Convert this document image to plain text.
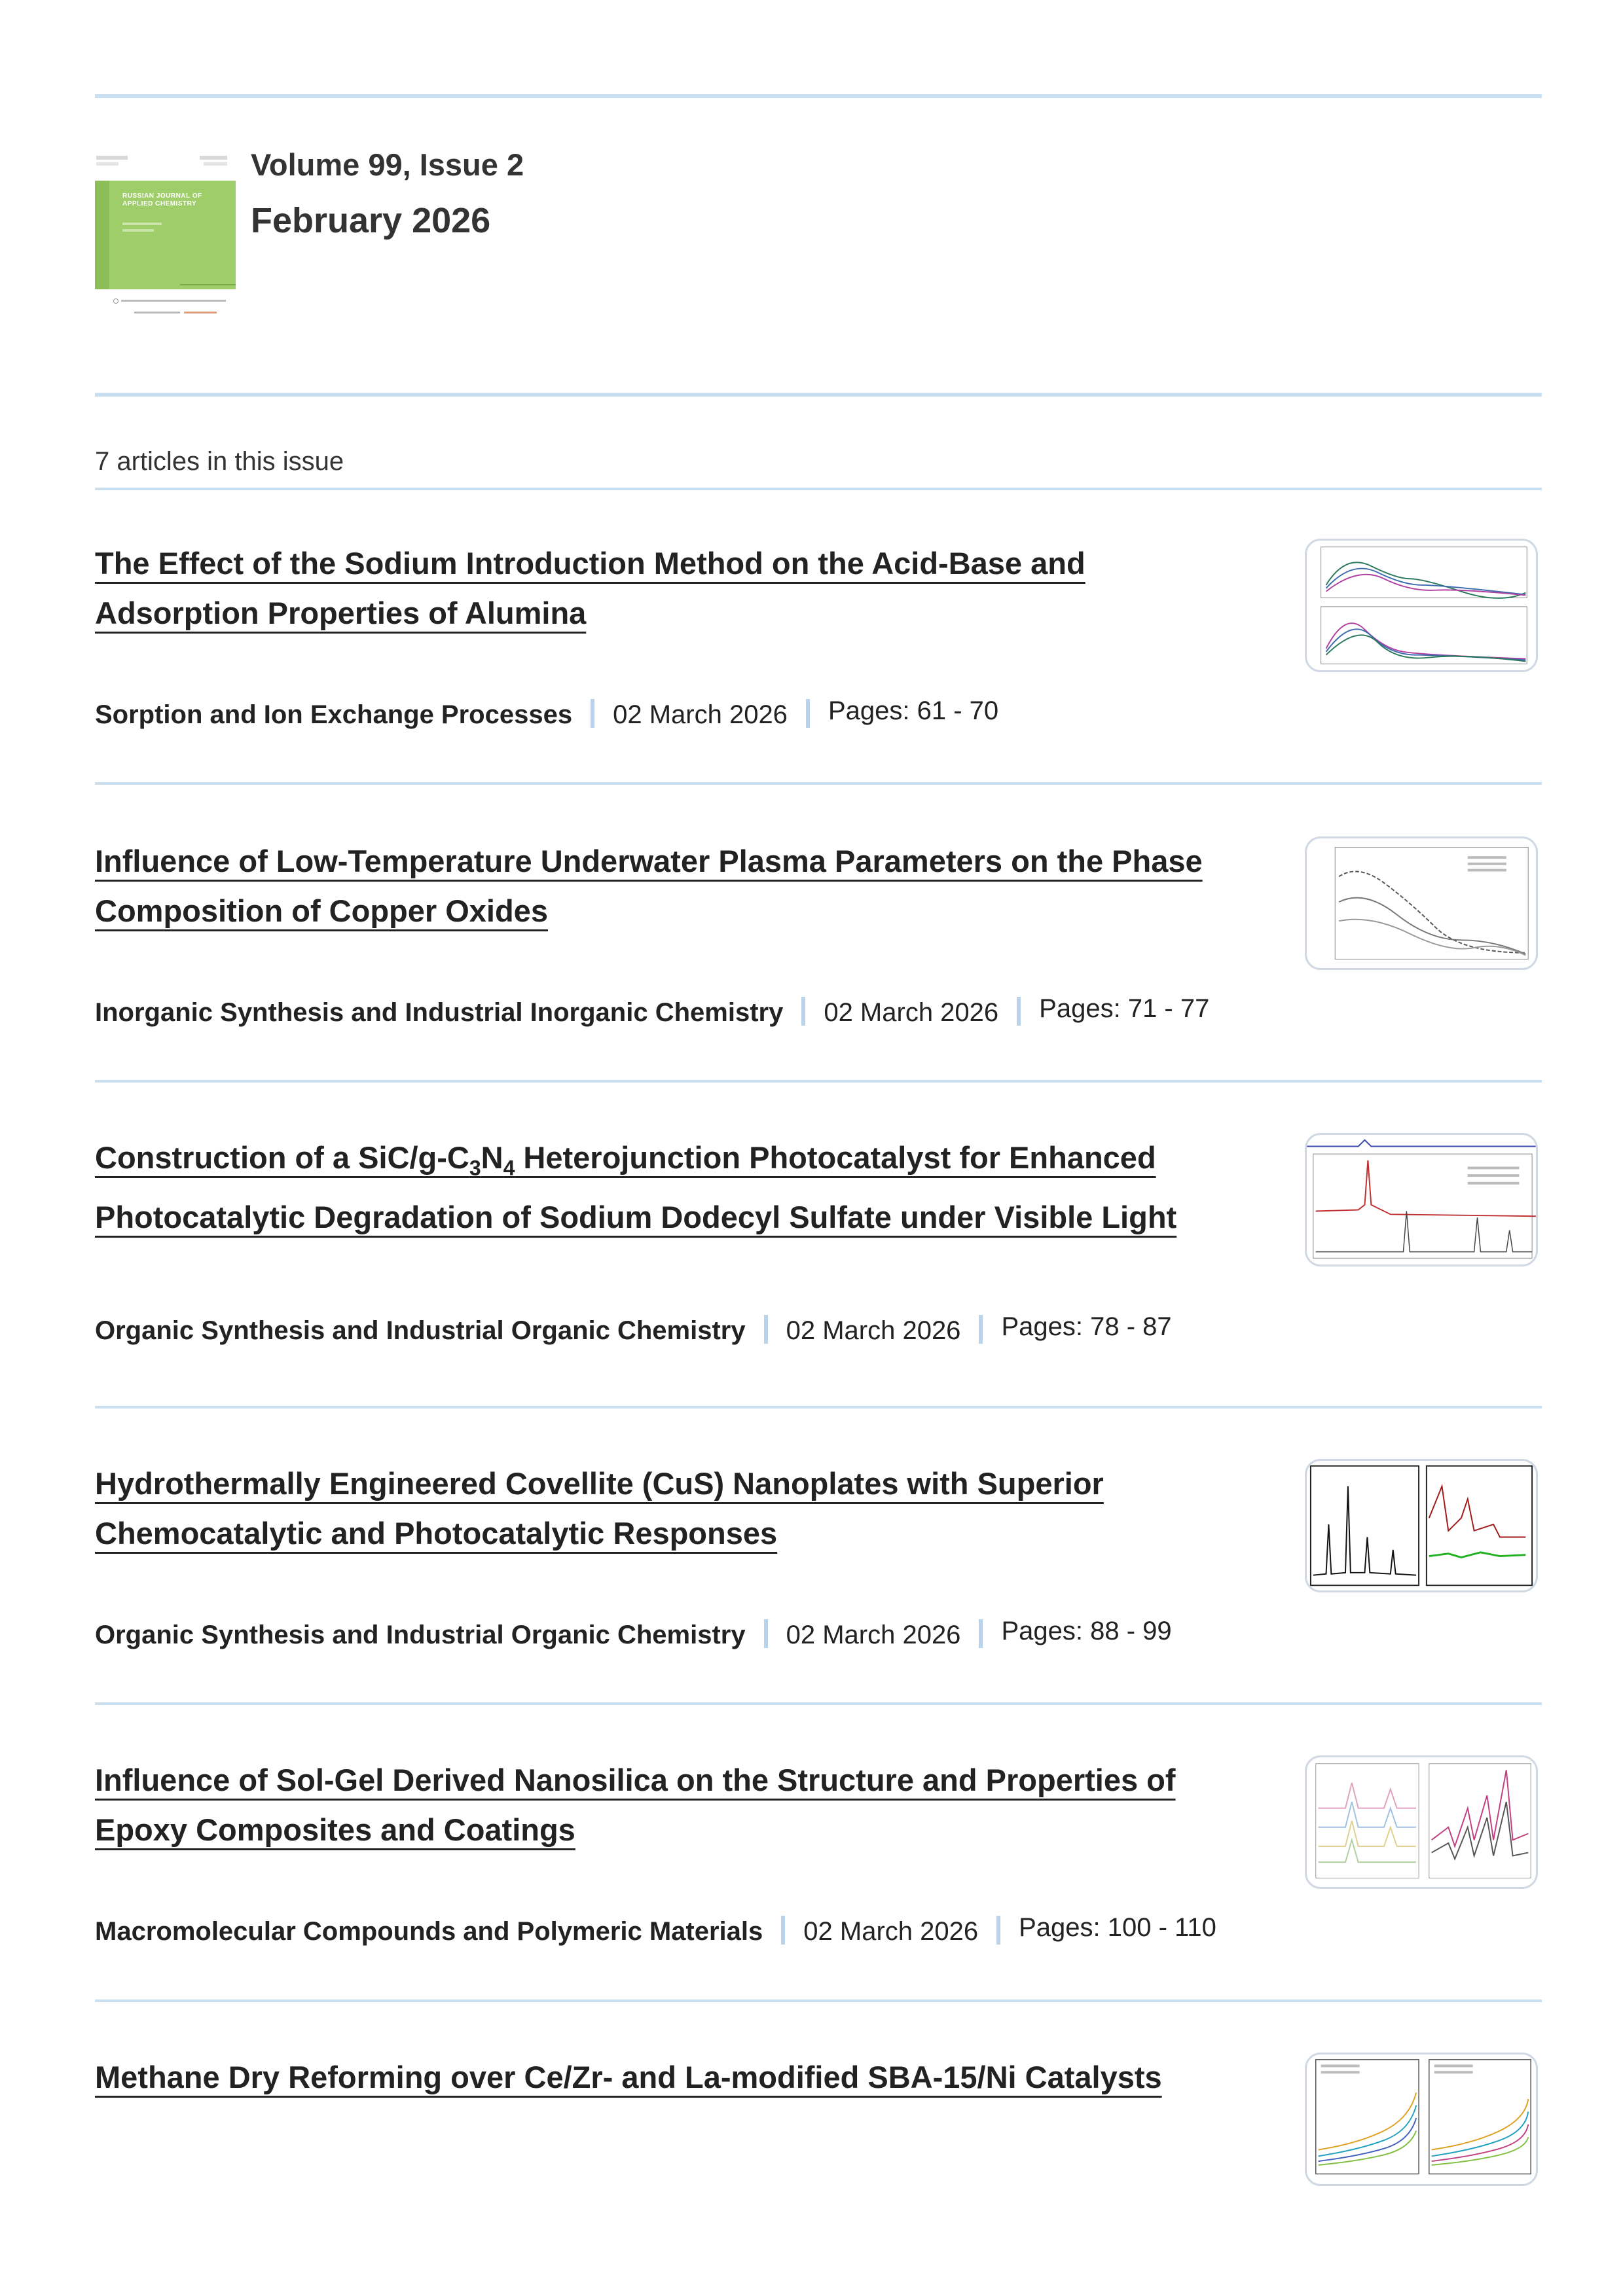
RUSSIAN JOURNAL OF APPLIED CHEMISTRY
Volume 99, Issue 2
February 2026
7 articles in this issue
The Effect of the Sodium Introduction Method on the Acid-Base and Adsorption Properties of Alumina
Sorption and Ion Exchange Processes 02 March 2026 Pages: 61 - 70
Influence of Low-Temperature Underwater Plasma Parameters on the Phase Composition of Copper Oxides
Inorganic Synthesis and Industrial Inorganic Chemistry 02 March 2026 Pages: 71 - 77
Construction of a SiC/$g-C_3N_4$ Heterojunction Photocatalyst for Enhanced Photocatalytic Degradation of Sodium Dodecyl Sulfate under Visible Light
Organic Synthesis and Industrial Organic Chemistry 02 March 2026 Pages: 78 - 87
Hydrothermally Engineered Covellite (CuS) Nanoplates with Superior Chemocatalytic and Photocatalytic Responses
Organic Synthesis and Industrial Organic Chemistry 02 March 2026 Pages: 88 - 99
Influence of Sol-Gel Derived Nanosilica on the Structure and Properties of Epoxy Composites and Coatings
Macromolecular Compounds and Polymeric Materials 02 March 2026 Pages: 100 - 110
Methane Dry Reforming over Ce/Zr- and La-modified SBA-15/Ni Catalysts
